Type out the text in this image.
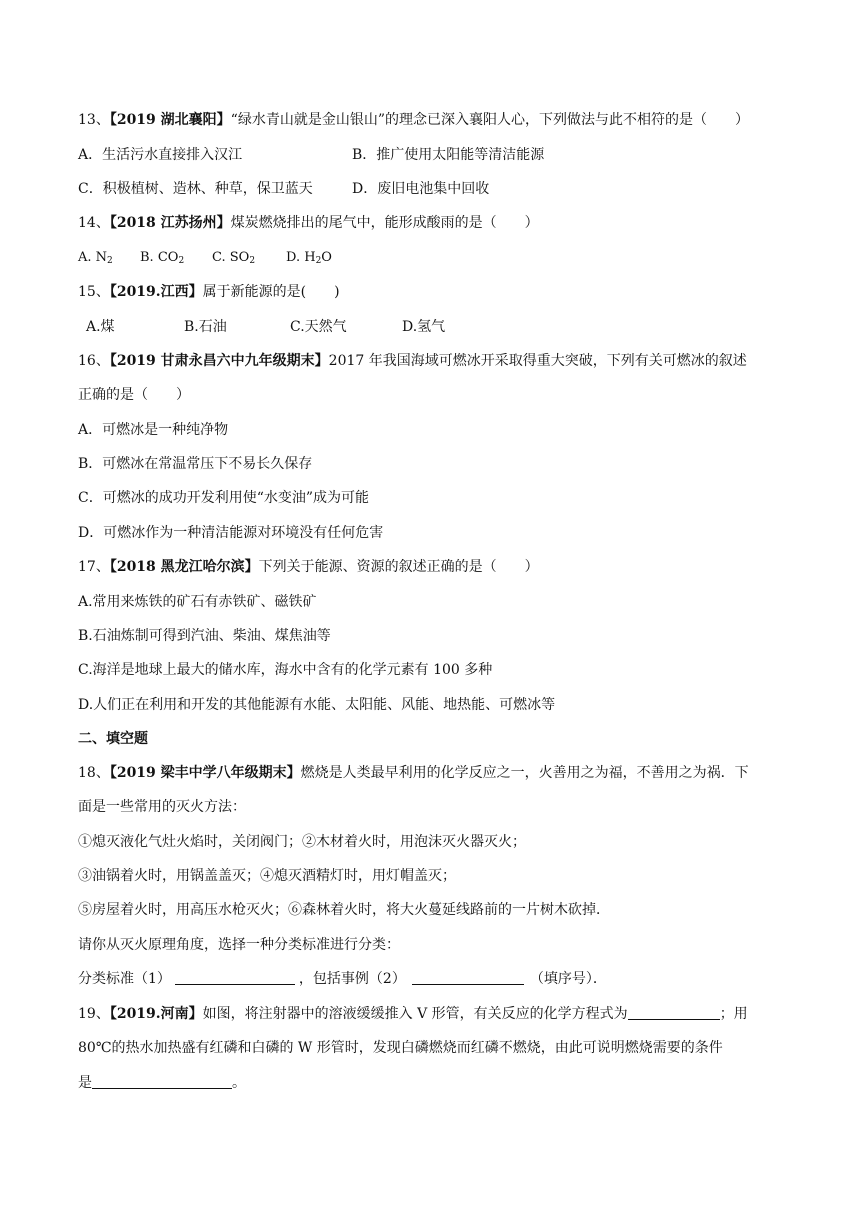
13、【2019 湖北襄阳】“绿水青山就是金山银山”的理念已深入襄阳人心，下列做法与此不相符的是（　　）
A．生活污水直接排入汉江	B．推广使用太阳能等清洁能源
C．积极植树、造林、种草，保卫蓝天	D．废旧电池集中回收
14、【2018 江苏扬州】煤炭燃烧排出的尾气中，能形成酸雨的是（　　）
A. $N_2$ B. $CO_2$ C. $SO_2$ D. $H_2O$
15、【2019.江西】属于新能源的是(　　)
A.煤	B.石油	C.天然气	D.氢气
16、【2019 甘肃永昌六中九年级期末】2017 年我国海域可燃冰开采取得重大突破，下列有关可燃冰的叙述
正确的是（　　）
A．可燃冰是一种纯净物
B．可燃冰在常温常压下不易长久保存
C．可燃冰的成功开发利用使“水变油”成为可能
D．可燃冰作为一种清洁能源对环境没有任何危害
17、【2018 黑龙江哈尔滨】下列关于能源、资源的叙述正确的是（　　）
A.常用来炼铁的矿石有赤铁矿、磁铁矿
B.石油炼制可得到汽油、柴油、煤焦油等
C.海洋是地球上最大的储水库，海水中含有的化学元素有 100 多种
D.人们正在利用和开发的其他能源有水能、太阳能、风能、地热能、可燃冰等
二、填空题
18、【2019 梁丰中学八年级期末】燃烧是人类最早利用的化学反应之一，火善用之为福，不善用之为祸．下
面是一些常用的灭火方法：
①熄灭液化气灶火焰时，关闭阀门；②木材着火时，用泡沫灭火器灭火；
③油锅着火时，用锅盖盖灭；④熄灭酒精灯时，用灯帽盖灭；
⑤房屋着火时，用高压水枪灭火；⑥森林着火时，将大火蔓延线路前的一片树木砍掉．
请你从灭火原理角度，选择一种分类标准进行分类：
分类标准（1）	，包括事例（2）	（填序号）．
19、【2019.河南】如图，将注射器中的溶液缓缓推入 V 形管，有关反应的化学方程式为	；用
80℃的热水加热盛有红磷和白磷的 W 形管时，发现白磷燃烧而红磷不燃烧，由此可说明燃烧需要的条件
是	。
